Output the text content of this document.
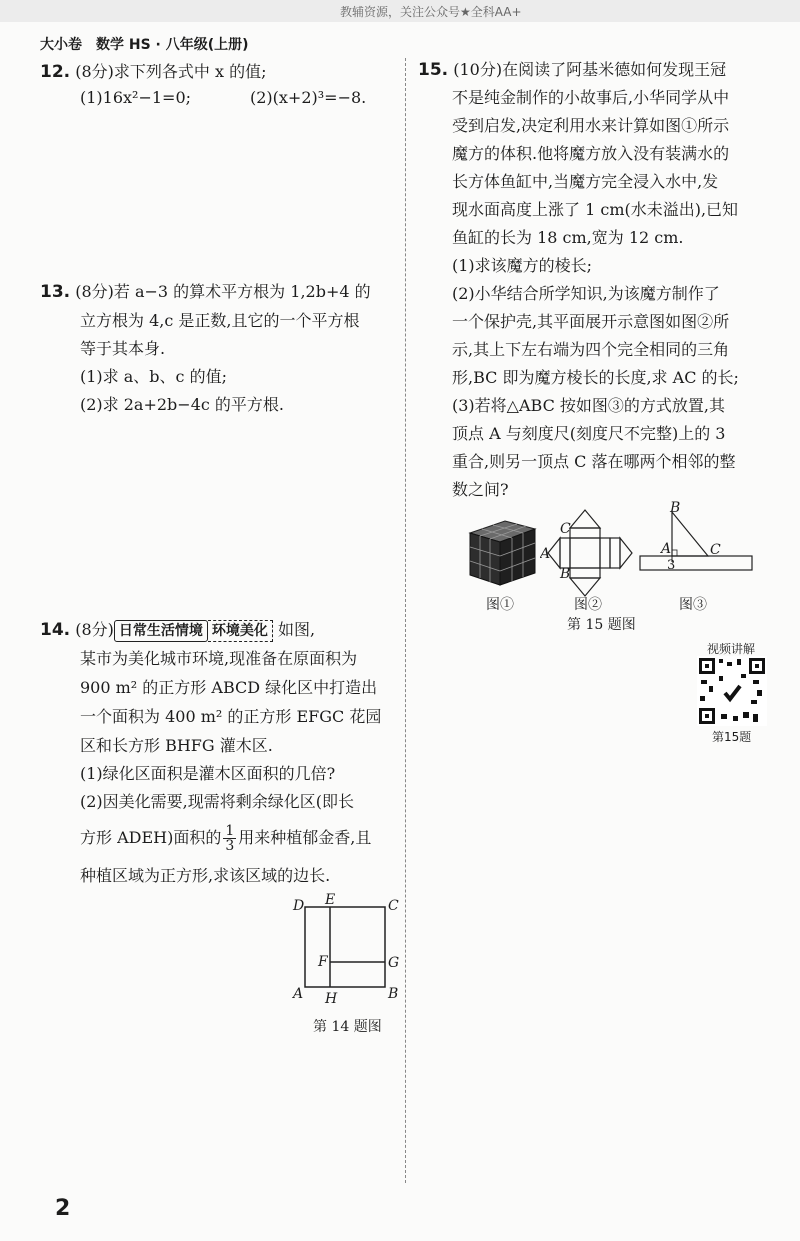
教辅资源，关注公众号★全科AA+
大小卷 数学 HS · 八年级(上册)
12. (8分)求下列各式中 x 的值;
(1)16x²−1=0;	(2)(x+2)³=−8.
13. (8分)若 a−3 的算术平方根为 1,2b+4 的
立方根为 4,c 是正数,且它的一个平方根
等于其本身.
(1)求 a、b、c 的值;
(2)求 2a+2b−4c 的平方根.
14. (8分) 日常生活情境 环境美化 如图,
某市为美化城市环境,现准备在原面积为
900 m² 的正方形 ABCD 绿化区中打造出
一个面积为 400 m² 的正方形 EFGC 花园
区和长方形 BHFG 灌木区.
(1)绿化区面积是灌木区面积的几倍?
(2)因美化需要,现需将剩余绿化区(即长
方形 ADEH)面积的 $\frac{1}{3}$ 用来种植郁金香,且
种植区域为正方形,求该区域的边长.
D E	C
F	G
A H	B
第 14 题图
15. (10分)在阅读了阿基米德如何发现王冠
不是纯金制作的小故事后,小华同学从中
受到启发,决定利用水来计算如图①所示
魔方的体积.他将魔方放入没有装满水的
长方体鱼缸中,当魔方完全浸入水中,发
现水面高度上涨了 1 cm(水未溢出),已知
鱼缸的长为 18 cm,宽为 12 cm.
(1)求该魔方的棱长;
(2)小华结合所学知识,为该魔方制作了
一个保护壳,其平面展开示意图如图②所
示,其上下左右端为四个完全相同的三角
形,BC 即为魔方棱长的长度,求 AC 的长;
(3)若将△ABC 按如图③的方式放置,其
顶点 A 与刻度尺(刻度尺不完整)上的 3
重合,则另一顶点 C 落在哪两个相邻的整
数之间?
图①
C
A
B
图②
B
A	C
3
图③
第 15 题图
视频讲解
第15题
2
